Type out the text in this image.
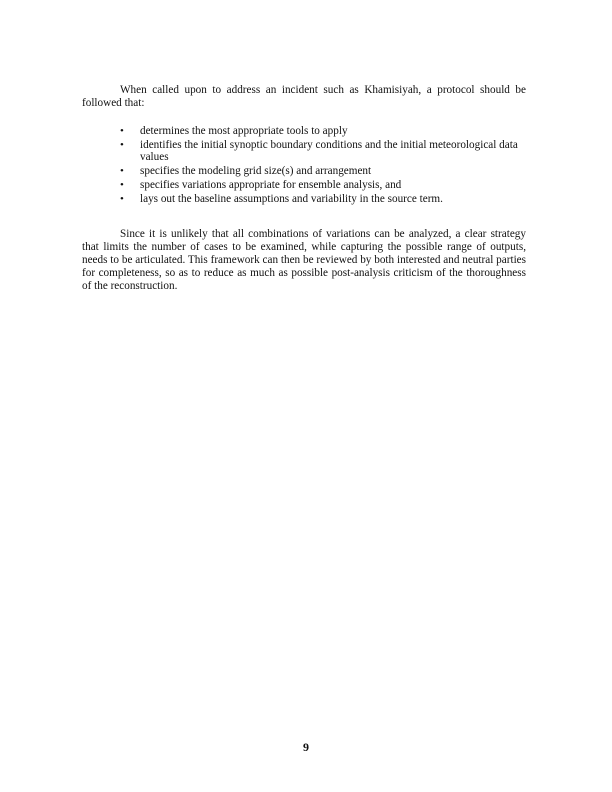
When called upon to address an incident such as Khamisiyah, a protocol should be followed that:

• determines the most appropriate tools to apply
• identifies the initial synoptic boundary conditions and the initial meteorological data values
• specifies the modeling grid size(s) and arrangement
• specifies variations appropriate for ensemble analysis, and
• lays out the baseline assumptions and variability in the source term.

Since it is unlikely that all combinations of variations can be analyzed, a clear strategy that limits the number of cases to be examined, while capturing the possible range of outputs, needs to be articulated. This framework can then be reviewed by both interested and neutral parties for completeness, so as to reduce as much as possible post-analysis criticism of the thoroughness of the reconstruction.

9
